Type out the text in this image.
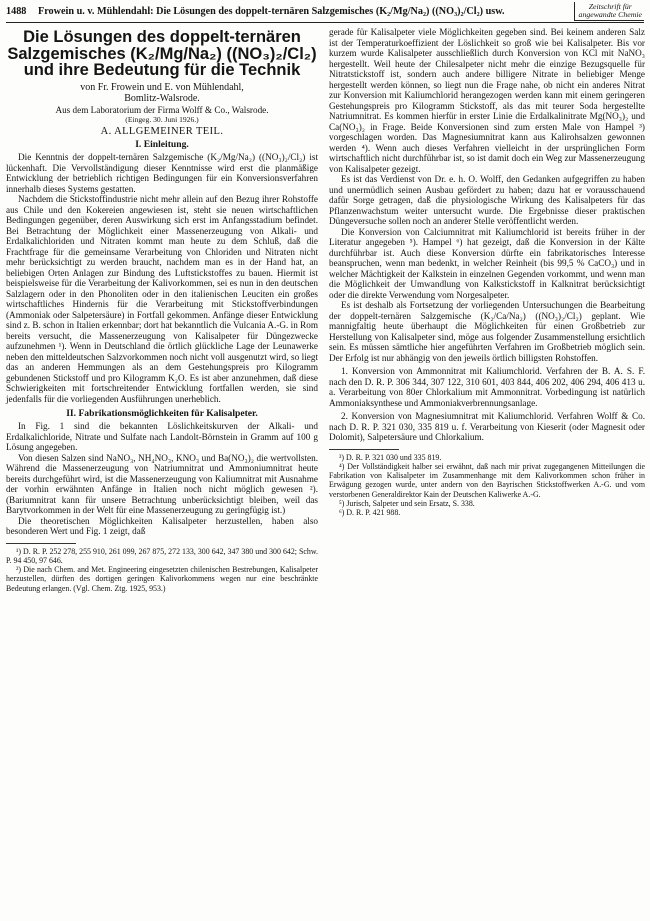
1488 Frowein u. v. Mühlendahl: Die Lösungen des doppelt-ternären Salzgemisches (K₂/Mg/Na₂) ((NO₃)₂/Cl₂) usw.	Zeitschrift für
angewandte Chemie
Die Lösungen des doppelt-ternären Salzgemisches (K₂/Mg/Na₂) ((NO₃)₂/Cl₂) und ihre Bedeutung für die Technik
von Fr. Frowein und E. von Mühlendahl,
Bomlitz-Walsrode.
Aus dem Laboratorium der Firma Wolff & Co., Walsrode.
(Eingeg. 30. Juni 1926.)
A. ALLGEMEINER TEIL.
I. Einleitung.

Die Kenntnis der doppelt-ternären Salzgemische (K₂/Mg/Na₂) ((NO₃)₂/Cl₂) ist lückenhaft. Die Vervollständigung dieser Kenntnisse wird erst die planmäßige Entwicklung der betrieblich richtigen Bedingungen für ein Konversionsverfahren innerhalb dieses Systems gestatten.

Nachdem die Stickstoffindustrie nicht mehr allein auf den Bezug ihrer Rohstoffe aus Chile und den Kokereien angewiesen ist, steht sie neuen wirtschaftlichen Bedingungen gegenüber, deren Auswirkung sich erst im Anfangsstadium befindet. Bei Betrachtung der Möglichkeit einer Massenerzeugung von Alkali- und Erdalkalichloriden und Nitraten kommt man heute zu dem Schluß, daß die Frachtfrage für die gemeinsame Verarbeitung von Chloriden und Nitraten nicht mehr berücksichtigt zu werden braucht, nachdem man es in der Hand hat, an beliebigen Orten Anlagen zur Bindung des Luftstickstoffes zu bauen. Hiermit ist beispielsweise für die Verarbeitung der Kalivorkommen, sei es nun in den deutschen Salzlagern oder in den Phonoliten oder in den italienischen Leuciten ein großes wirtschaftliches Hindernis für die Verarbeitung mit Stickstoffverbindungen (Ammoniak oder Salpetersäure) in Fortfall gekommen. Anfänge dieser Entwicklung sind z. B. schon in Italien erkennbar; dort hat bekanntlich die Vulcania A.-G. in Rom bereits versucht, die Massenerzeugung von Kalisalpeter für Düngezwecke aufzunehmen ¹). Wenn in Deutschland die örtlich glückliche Lage der Leunawerke neben den mitteldeutschen Salzvorkommen noch nicht voll ausgenutzt wird, so liegt das an anderen Hemmungen als an dem Gestehungspreis pro Kilogramm gebundenen Stickstoff und pro Kilogramm K₂O. Es ist aber anzunehmen, daß diese Schwierigkeiten mit fortschreitender Entwicklung fortfallen werden, sie sind jedenfalls für die vorliegenden Ausführungen unerheblich.

II. Fabrikationsmöglichkeiten für Kalisalpeter.

In Fig. 1 sind die bekannten Löslichkeitskurven der Alkali- und Erdalkalichloride, Nitrate und Sulfate nach Landolt-Börnstein in Gramm auf 100 g Lösung angegeben.

Von diesen Salzen sind NaNO₃, NH₄NO₃, KNO₃ und Ba(NO₃)₂ die wertvollsten. Während die Massenerzeugung von Natriumnitrat und Ammoniumnitrat heute bereits durchgeführt wird, ist die Massenerzeugung von Kaliumnitrat mit Ausnahme der vorhin erwähnten Anfänge in Italien noch nicht möglich gewesen ²). (Bariumnitrat kann für unsere Betrachtung unberücksichtigt bleiben, weil das Barytvorkommen in der Welt für eine Massenerzeugung zu geringfügig ist.)

Die theoretischen Möglichkeiten Kalisalpeter herzustellen, haben also besonderen Wert und Fig. 1 zeigt, daß

¹) D. R. P. 252 278, 255 910, 261 099, 267 875, 272 133, 300 642, 347 380 und 300 642; Schw. P. 94 450, 97 646.

²) Die nach Chem. and Met. Engineering eingesetzten chilenischen Bestrebungen, Kalisalpeter herzustellen, dürften des dortigen geringen Kalivorkommens wegen nur eine beschränkte Bedeutung erlangen. (Vgl. Chem. Ztg. 1925, 953.)

gerade für Kalisalpeter viele Möglichkeiten gegeben sind. Bei keinem anderen Salz ist der Temperaturkoeffizient der Löslichkeit so groß wie bei Kalisalpeter. Bis vor kurzem wurde Kalisalpeter ausschließlich durch Konversion von KCl mit NaNO₃ hergestellt. Weil heute der Chilesalpeter nicht mehr die einzige Bezugsquelle für Nitratstickstoff ist, sondern auch andere billigere Nitrate in beliebiger Menge hergestellt werden können, so liegt nun die Frage nahe, ob nicht ein anderes Nitrat zur Konversion mit Kaliumchlorid herangezogen werden kann mit einem geringeren Gestehungspreis pro Kilogramm Stickstoff, als das mit teurer Soda hergestellte Natriumnitrat. Es kommen hierfür in erster Linie die Erdalkalinitrate Mg(NO₃)₂ und Ca(NO₃)₂ in Frage. Beide Konversionen sind zum ersten Male von Hampel ³) vorgeschlagen worden. Das Magnesiumnitrat kann aus Kalirohsalzen gewonnen werden ⁴). Wenn auch dieses Verfahren vielleicht in der ursprünglichen Form wirtschaftlich nicht durchführbar ist, so ist damit doch ein Weg zur Massenerzeugung von Kalisalpeter gezeigt.

Es ist das Verdienst von Dr. e. h. O. Wolff, den Gedanken aufgegriffen zu haben und unermüdlich seinen Ausbau gefördert zu haben; dazu hat er vorausschauend dafür Sorge getragen, daß die physiologische Wirkung des Kalisalpeters für das Pflanzenwachstum weiter untersucht wurde. Die Ergebnisse dieser praktischen Düngeversuche sollen noch an anderer Stelle veröffentlicht werden.

Die Konversion von Calciumnitrat mit Kaliumchlorid ist bereits früher in der Literatur angegeben ⁵). Hampel ⁶) hat gezeigt, daß die Konversion in der Kälte durchführbar ist. Auch diese Konversion dürfte ein fabrikatorisches Interesse beanspruchen, wenn man bedenkt, in welcher Reinheit (bis 99,5 % CaCO₃) und in welcher Mächtigkeit der Kalkstein in einzelnen Gegenden vorkommt, und wenn man die Möglichkeit der Umwandlung von Kalkstickstoff in Kalknitrat berücksichtigt oder die direkte Verwendung vom Norgesalpeter.

Es ist deshalb als Fortsetzung der vorliegenden Untersuchungen die Bearbeitung der doppelt-ternären Salzgemische (K₂/Ca/Na₂) ((NO₃)₂/Cl₂) geplant. Wie mannigfaltig heute überhaupt die Möglichkeiten für einen Großbetrieb zur Herstellung von Kalisalpeter sind, möge aus folgender Zusammenstellung ersichtlich sein. Es müssen sämtliche hier angeführten Verfahren im Großbetrieb möglich sein. Der Erfolg ist nur abhängig von den jeweils örtlich billigsten Rohstoffen.

1. Konversion von Ammonnitrat mit Kaliumchlorid. Verfahren der B. A. S. F. nach den D. R. P. 306 344, 307 122, 310 601, 403 844, 406 202, 406 294, 406 413 u. a. Verarbeitung von 80er Chlorkalium mit Ammonnitrat. Vorbedingung ist natürlich Ammoniaksynthese und Ammoniakverbrennungsanlage.

2. Konversion von Magnesiumnitrat mit Kaliumchlorid. Verfahren Wolff & Co. nach D. R. P. 321 030, 335 819 u. f. Verarbeitung von Kieserit (oder Magnesit oder Dolomit), Salpetersäure und Chlorkalium.

³) D. R. P. 321 030 und 335 819.

⁴) Der Vollständigkeit halber sei erwähnt, daß nach mir privat zugegangenen Mitteilungen die Fabrikation von Kalisalpeter im Zusammenhange mit dem Kalivorkommen schon früher in Erwägung gezogen wurde, unter andern von den Bayrischen Stickstoffwerken A.-G. und vom verstorbenen Generaldirektor Kain der Deutschen Kaliwerke A.-G.

⁵) Jurisch, Salpeter und sein Ersatz, S. 338.

⁶) D. R. P. 421 988.
